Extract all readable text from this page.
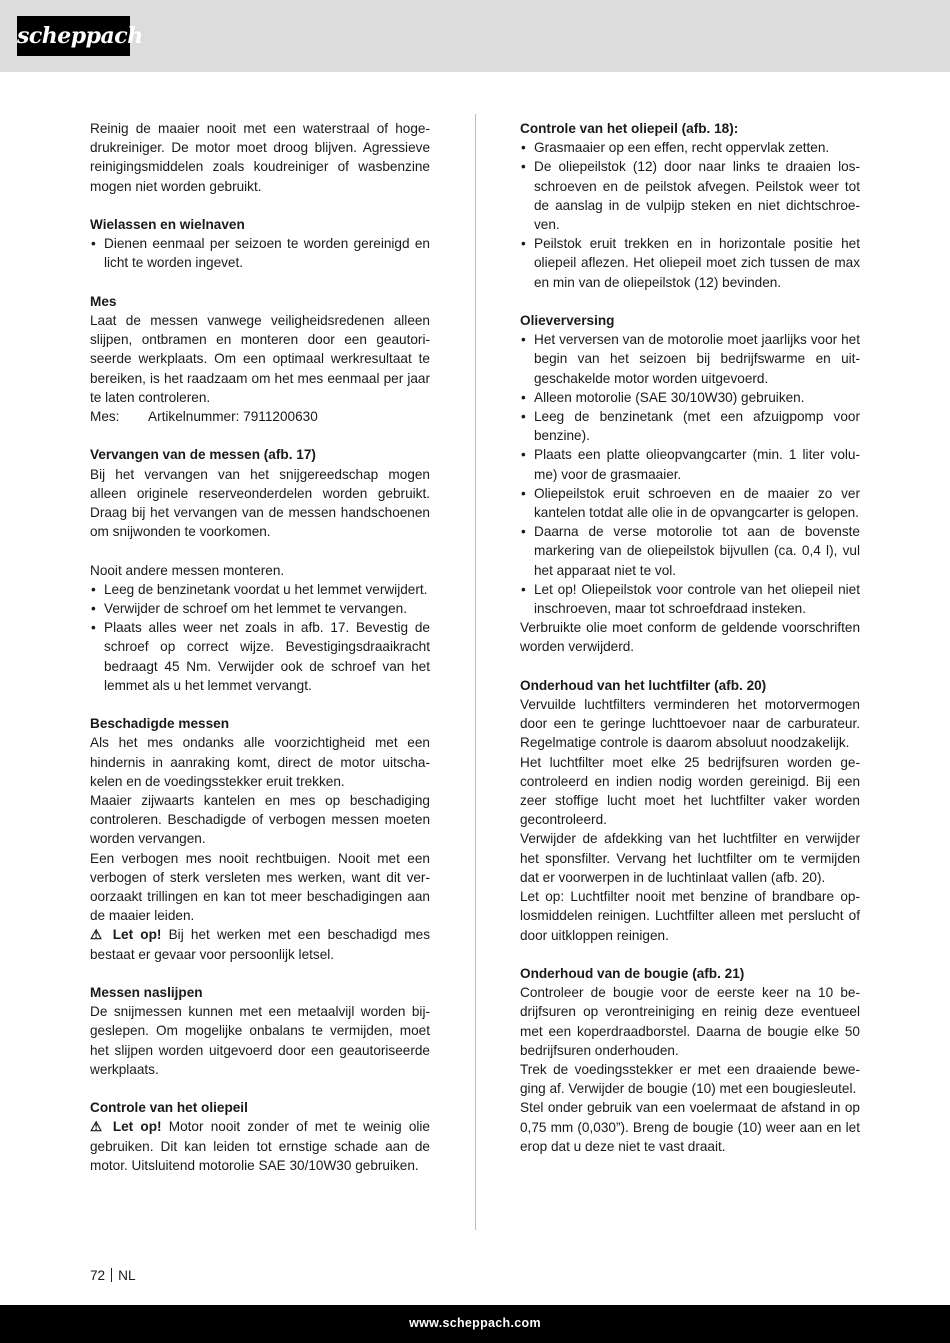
scheppach

Reinig de maaier nooit met een waterstraal of hogedrukreiniger. De motor moet droog blijven. Agressieve reinigingsmiddelen zoals koudreiniger of wasbenzine mogen niet worden gebruikt.

Wielassen en wielnaven
• Dienen eenmaal per seizoen te worden gereinigd en licht te worden ingevet.
Mes

Laat de messen vanwege veiligheidsredenen alleen slijpen, ontbramen en monteren door een geautoriseerde werkplaats. Om een optimaal werkresultaat te bereiken, is het raadzaam om het mes eenmaal per jaar te laten controleren.

Mes:	Artikelnummer: 7911200630
Vervangen van de messen (afb. 17)

Bij het vervangen van het snijgereedschap mogen alleen originele reserveonderdelen worden gebruikt. Draag bij het vervangen van de messen handschoenen om snijwonden te voorkomen.

Nooit andere messen monteren.

• Leeg de benzinetank voordat u het lemmet verwijdert.
• Verwijder de schroef om het lemmet te vervangen.
• Plaats alles weer net zoals in afb. 17. Bevestig de schroef op correct wijze. Bevestigingsdraaikracht bedraagt 45 Nm. Verwijder ook de schroef van het lemmet als u het lemmet vervangt.
Beschadigde messen

Als het mes ondanks alle voorzichtigheid met een hindernis in aanraking komt, direct de motor uitschakelen en de voedingsstekker eruit trekken.

Maaier zijwaarts kantelen en mes op beschadiging controleren. Beschadigde of verbogen messen moeten worden vervangen.

Een verbogen mes nooit rechtbuigen. Nooit met een verbogen of sterk versleten mes werken, want dit veroorzaakt trillingen en kan tot meer beschadigingen aan de maaier leiden.

⚠ Let op! Bij het werken met een beschadigd mes bestaat er gevaar voor persoonlijk letsel.

Messen naslijpen

De snijmessen kunnen met een metaalvijl worden bijgeslepen. Om mogelijke onbalans te vermijden, moet het slijpen worden uitgevoerd door een geautoriseerde werkplaats.

Controle van het oliepeil

⚠ Let op! Motor nooit zonder of met te weinig olie gebruiken. Dit kan leiden tot ernstige schade aan de motor. Uitsluitend motorolie SAE 30/10W30 gebruiken.

Controle van het oliepeil (afb. 18):
• Grasmaaier op een effen, recht oppervlak zetten.
• De oliepeilstok (12) door naar links te draaien losschroeven en de peilstok afvegen. Peilstok weer tot de aanslag in de vulpijp steken en niet dichtschroeven.
• Peilstok eruit trekken en in horizontale positie het oliepeil aflezen. Het oliepeil moet zich tussen de max en min van de oliepeilstok (12) bevinden.
Olieverversing
• Het verversen van de motorolie moet jaarlijks voor het begin van het seizoen bij bedrijfswarme en uitgeschakelde motor worden uitgevoerd.
• Alleen motorolie (SAE 30/10W30) gebruiken.
• Leeg de benzinetank (met een afzuigpomp voor benzine).
• Plaats een platte olieopvangcarter (min. 1 liter volume) voor de grasmaaier.
• Oliepeilstok eruit schroeven en de maaier zo ver kantelen totdat alle olie in de opvangcarter is gelopen.
• Daarna de verse motorolie tot aan de bovenste markering van de oliepeilstok bijvullen (ca. 0,4 l), vul het apparaat niet te vol.
• Let op! Oliepeilstok voor controle van het oliepeil niet inschroeven, maar tot schroefdraad insteken.

Verbruikte olie moet conform de geldende voorschriften worden verwijderd.

Onderhoud van het luchtfilter (afb. 20)

Vervuilde luchtfilters verminderen het motorvermogen door een te geringe luchttoevoer naar de carburateur. Regelmatige controle is daarom absoluut noodzakelijk.

Het luchtfilter moet elke 25 bedrijfsuren worden gecontroleerd en indien nodig worden gereinigd. Bij een zeer stoffige lucht moet het luchtfilter vaker worden gecontroleerd.

Verwijder de afdekking van het luchtfilter en verwijder het sponsfilter. Vervang het luchtfilter om te vermijden dat er voorwerpen in de luchtinlaat vallen (afb. 20).

Let op: Luchtfilter nooit met benzine of brandbare oplosmiddelen reinigen. Luchtfilter alleen met perslucht of door uitkloppen reinigen.

Onderhoud van de bougie (afb. 21)

Controleer de bougie voor de eerste keer na 10 bedrijfsuren op verontreiniging en reinig deze eventueel met een koperdraadborstel. Daarna de bougie elke 50 bedrijfsuren onderhouden.

Trek de voedingsstekker er met een draaiende beweging af. Verwijder de bougie (10) met een bougiesleutel.

Stel onder gebruik van een voelermaat de afstand in op 0,75 mm (0,030”). Breng de bougie (10) weer aan en let erop dat u deze niet te vast draait.

72 NL
www.scheppach.com
